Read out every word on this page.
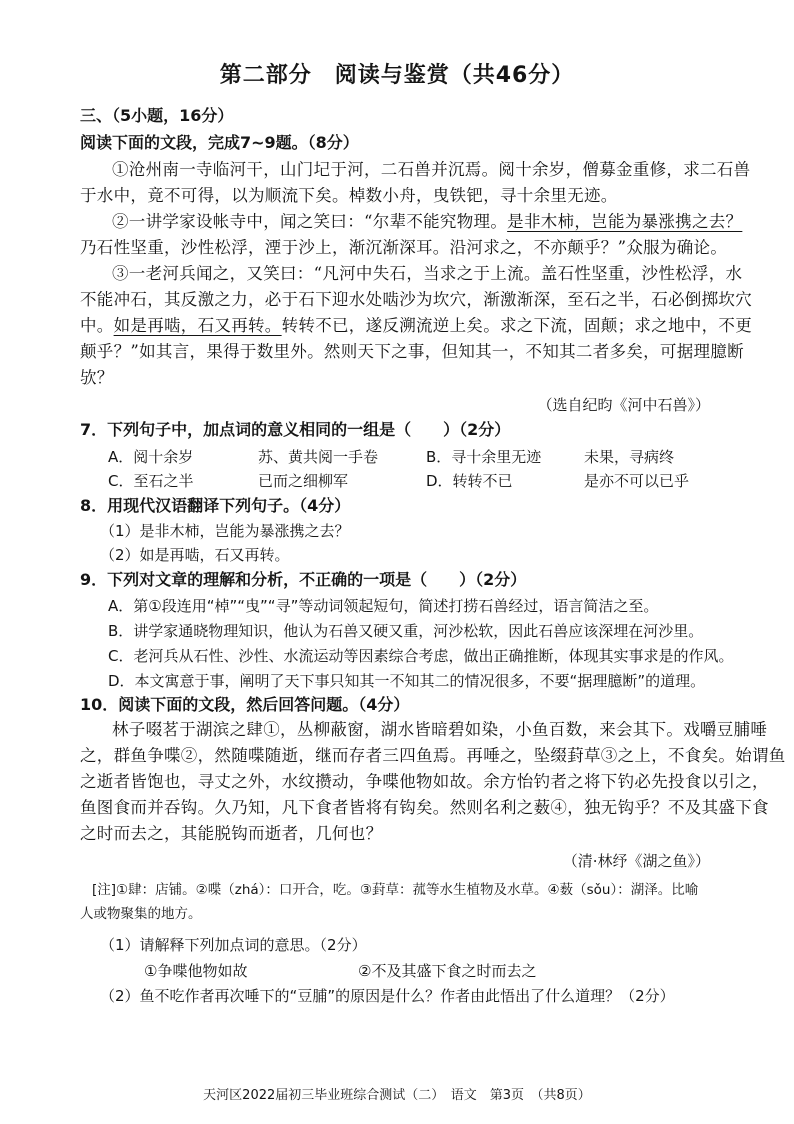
第二部分　阅读与鉴赏（共46分）
三、（5小题，16分）
阅读下面的文段，完成7~9题。（8分）
①沧州南一寺临河干，山门圮于河，二石兽并沉焉。阅十余岁，僧募金重修，求二石兽
于水中，竟不可得，以为顺流下矣。棹数小舟，曳铁钯，寻十余里无迹。
②一讲学家设帐寺中，闻之笑曰：“尔辈不能究物理。是非木柿，岂能为暴涨携之去？
乃石性坚重，沙性松浮，湮于沙上，渐沉渐深耳。沿河求之，不亦颠乎？”众服为确论。
③一老河兵闻之，又笑曰：“凡河中失石，当求之于上流。盖石性坚重，沙性松浮，水
不能冲石，其反激之力，必于石下迎水处啮沙为坎穴，渐激渐深，至石之半，石必倒掷坎穴
中。如是再啮，石又再转。转转不已，遂反溯流逆上矣。求之下流，固颠；求之地中，不更
颠乎？”如其言，果得于数里外。然则天下之事，但知其一，不知其二者多矣，可据理臆断
欤？
（选自纪昀《河中石兽》）
7．下列句子中，加点词的意义相同的一组是（　　）（2分）
A．阅十余岁	苏、黄共阅一手卷	B．寻十余里无迹	未果，寻病终
C．至石之半	已而之细柳军	D．转转不已	是亦不可以已乎
8．用现代汉语翻译下列句子。（4分）
（1）是非木柿，岂能为暴涨携之去？
（2）如是再啮，石又再转。
9．下列对文章的理解和分析，不正确的一项是（　　）（2分）
A．第①段连用“棹”“曳”“寻”等动词领起短句，简述打捞石兽经过，语言简洁之至。
B．讲学家通晓物理知识，他认为石兽又硬又重，河沙松软，因此石兽应该深埋在河沙里。
C．老河兵从石性、沙性、水流运动等因素综合考虑，做出正确推断，体现其实事求是的作风。
D．本文寓意于事，阐明了天下事只知其一不知其二的情况很多，不要“据理臆断”的道理。
10．阅读下面的文段，然后回答问题。（4分）
林子啜茗于湖滨之肆①，丛柳蔽窗，湖水皆暗碧如染，小鱼百数，来会其下。戏嚼豆脯唾
之，群鱼争喋②，然随喋随逝，继而存者三四鱼焉。再唾之，坠缀葑草③之上，不食矣。始谓鱼
之逝者皆饱也，寻丈之外，水纹攒动，争喋他物如故。余方怡钓者之将下钓必先投食以引之，
鱼图食而并吞钩。久乃知，凡下食者皆将有钩矣。然则名利之薮④，独无钩乎？不及其盛下食
之时而去之，其能脱钩而逝者，几何也？
（清·林纾《湖之鱼》）
[注]①肆：店铺。②喋（zhá）：口开合，吃。③葑草：菰等水生植物及水草。④薮（sǒu）：湖泽。比喻
人或物聚集的地方。
（1）请解释下列加点词的意思。（2分）
①争喋他物如故	②不及其盛下食之时而去之
（2）鱼不吃作者再次唾下的“豆脯”的原因是什么？作者由此悟出了什么道理？（2分）
天河区2022届初三毕业班综合测试（二）　语文　第3页　（共8页）
